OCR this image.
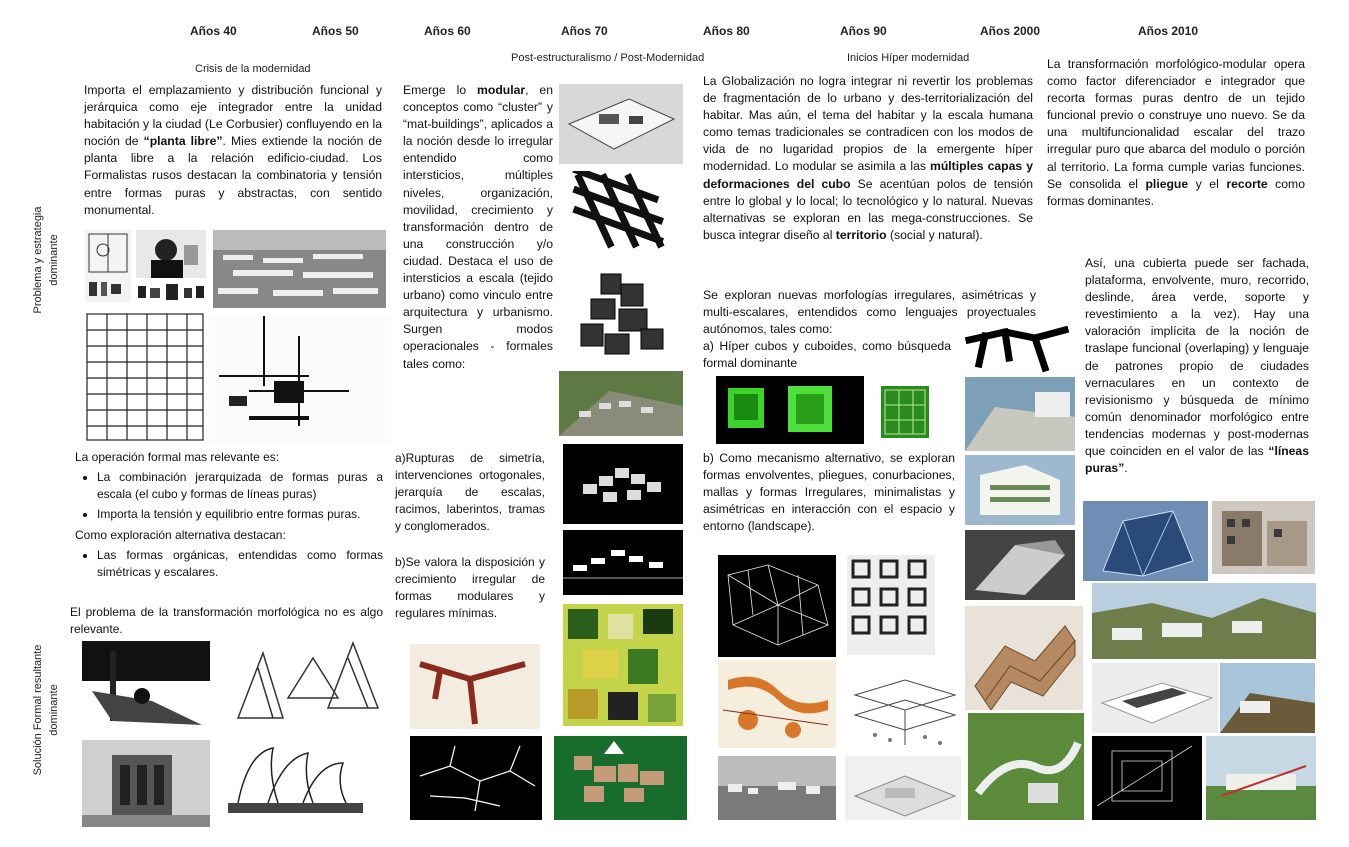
Años 40	Años 50	Años 60	Años 70	Años 80	Años 90	Años 2000	Años 2010
Crisis de la modernidad
Post-estructuralismo / Post-Modernidad	Inicios Híper modernidad
Problema y estrategia dominante
Solución Formal resultante dominante
Importa el emplazamiento y distribución funcional y jerárquica como eje integrador entre la unidad habitación y la ciudad (Le Corbusier) confluyendo en la noción de “planta libre”. Mies extiende la noción de planta libre a la relación edificio-ciudad. Los Formalistas rusos destacan la combinatoria y tensión entre formas puras y abstractas, con sentido monumental.
La operación formal mas relevante es:
• La combinación jerarquizada de formas puras a escala (el cubo y formas de líneas puras)
• Importa la tensión y equilibrio entre formas puras.
Como exploración alternativa destacan:
• Las formas orgánicas, entendidas como formas simétricas y escalares.
El problema de la transformación morfológica no es algo relevante.
Emerge lo modular, en conceptos como “cluster” y “mat-buildings”, aplicados a la noción desde lo irregular entendido como intersticios, múltiples niveles, organización, movilidad, crecimiento y transformación dentro de una construcción y/o ciudad. Destaca el uso de intersticios a escala (tejido urbano) como vinculo entre arquitectura y urbanismo. Surgen modos operacionales - formales tales como:
a)Rupturas de simetría, intervenciones ortogonales, jerarquía de escalas, racimos, laberintos, tramas y conglomerados.
b)Se valora la disposición y crecimiento irregular de formas modulares y regulares mínimas.
La Globalización no logra integrar ni revertir los problemas de fragmentación de lo urbano y des-territorialización del habitar. Mas aún, el tema del habitar y la escala humana como temas tradicionales se contradicen con los modos de vida de no lugaridad propios de la emergente híper modernidad. Lo modular se asimila a las múltiples capas y deformaciones del cubo Se acentúan polos de tensión entre lo global y lo local; lo tecnológico y lo natural. Nuevas alternativas se exploran en las mega-construcciones. Se busca integrar diseño al territorio (social y natural).
Se exploran nuevas morfologías irregulares, asimétricas y multi-escalares, entendidos como lenguajes proyectuales autónomos, tales como:
a) Híper cubos y cuboides, como búsqueda formal dominante
b) Como mecanismo alternativo, se exploran formas envolventes, pliegues, conurbaciones, mallas y formas Irregulares, minimalistas y asimétricas en interacción con el espacio y entorno (landscape).
La transformación morfológico-modular opera como factor diferenciador e integrador que recorta formas puras dentro de un tejido funcional previo o construye uno nuevo. Se da una multifuncionalidad escalar del trazo irregular puro que abarca del modulo o porción al territorio. La forma cumple varias funciones. Se consolida el pliegue y el recorte como formas dominantes.
Así, una cubierta puede ser fachada, plataforma, envolvente, muro, recorrido, deslinde, área verde, soporte y revestimiento a la vez). Hay una valoración implícita de la noción de traslape funcional (overlaping) y lenguaje de patrones propio de ciudades vernaculares en un contexto de revisionismo y búsqueda de mínimo común denominador morfológico entre tendencias modernas y post-modernas que coinciden en el valor de las “líneas puras”.
